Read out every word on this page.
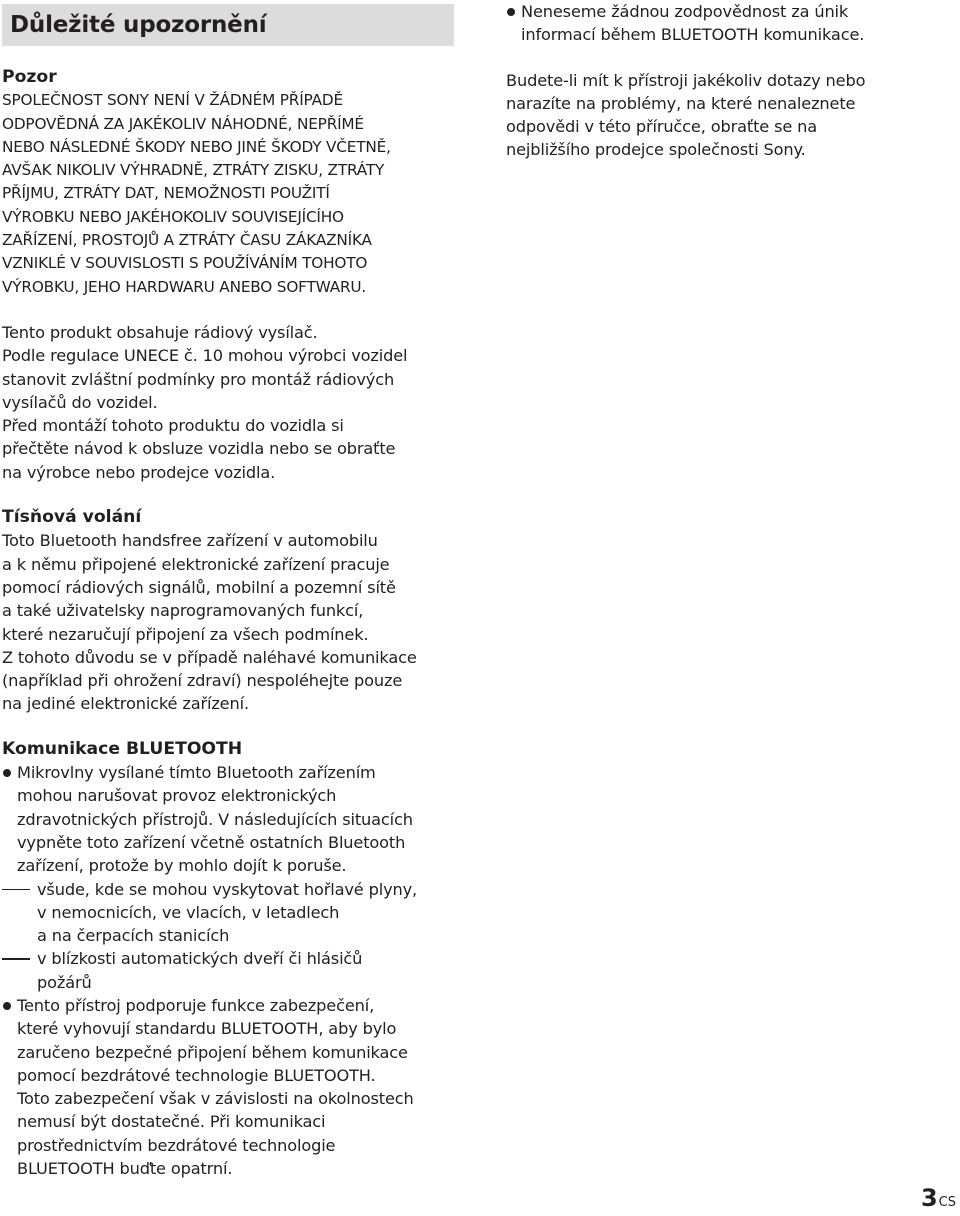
Důležité upozornění

Pozor

SPOLEČNOST SONY NENÍ V ŽÁDNÉM PŘÍPADĚ
ODPOVĚDNÁ ZA JAKÉKOLIV NÁHODNÉ, NEPŘÍMÉ
NEBO NÁSLEDNÉ ŠKODY NEBO JINÉ ŠKODY VČETNĚ,
AVŠAK NIKOLIV VÝHRADNĚ, ZTRÁTY ZISKU, ZTRÁTY
PŘÍJMU, ZTRÁTY DAT, NEMOŽNOSTI POUŽITÍ
VÝROBKU NEBO JAKÉHOKOLIV SOUVISEJÍCÍHO
ZAŘÍZENÍ, PROSTOJŮ A ZTRÁTY ČASU ZÁKAZNÍKA
VZNIKLÉ V SOUVISLOSTI S POUŽÍVÁNÍM TOHOTO
VÝROBKU, JEHO HARDWARU ANEBO SOFTWARU.

Tento produkt obsahuje rádiový vysílač.
Podle regulace UNECE č. 10 mohou výrobci vozidel
stanovit zvláštní podmínky pro montáž rádiových
vysílačů do vozidel.
Před montáží tohoto produktu do vozidla si
přečtěte návod k obsluze vozidla nebo se obraťte
na výrobce nebo prodejce vozidla.

Tísňová volání

Toto Bluetooth handsfree zařízení v automobilu
a k němu připojené elektronické zařízení pracuje
pomocí rádiových signálů, mobilní a pozemní sítě
a také uživatelsky naprogramovaných funkcí,
které nezaručují připojení za všech podmínek.
Z tohoto důvodu se v případě naléhavé komunikace
(například při ohrožení zdraví) nespoléhejte pouze
na jediné elektronické zařízení.

Komunikace BLUETOOTH

Mikrovlny vysílané tímto Bluetooth zařízením
mohou narušovat provoz elektronických
zdravotnických přístrojů. V následujících situacích
vypněte toto zařízení včetně ostatních Bluetooth
zařízení, protože by mohlo dojít k poruše.
všude, kde se mohou vyskytovat hořlavé plyny,
v nemocnicích, ve vlacích, v letadlech
a na čerpacích stanicích
v blízkosti automatických dveří či hlásičů
požárů
Tento přístroj podporuje funkce zabezpečení,
které vyhovují standardu BLUETOOTH, aby bylo
zaručeno bezpečné připojení během komunikace
pomocí bezdrátové technologie BLUETOOTH.
Toto zabezpečení však v závislosti na okolnostech
nemusí být dostatečné. Při komunikaci
prostřednictvím bezdrátové technologie
BLUETOOTH buďte opatrní.
Neneseme žádnou zodpovědnost za únik
informací během BLUETOOTH komunikace.

Budete-li mít k přístroji jakékoliv dotazy nebo
narazíte na problémy, na které nenaleznete
odpovědi v této příručce, obraťte se na
nejbližšího prodejce společnosti Sony.

3 CS
